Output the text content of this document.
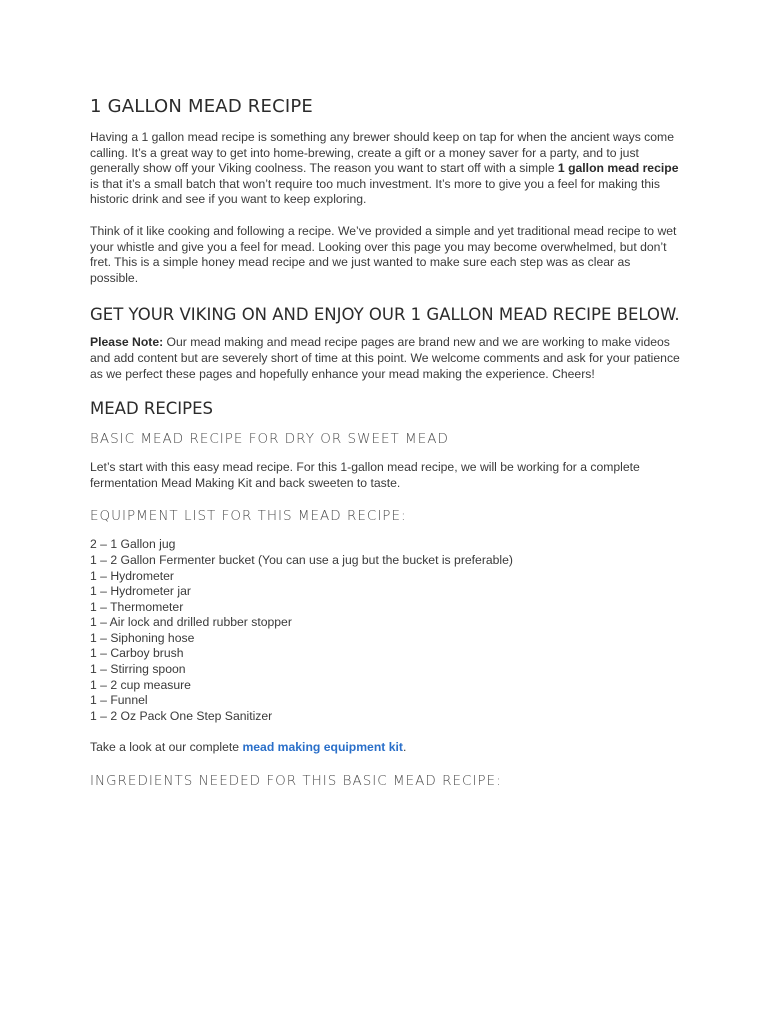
1 GALLON MEAD RECIPE

Having a 1 gallon mead recipe is something any brewer should keep on tap for when the ancient ways come calling. It’s a great way to get into home-brewing, create a gift or a money saver for a party, and to just generally show off your Viking coolness. The reason you want to start off with a simple 1 gallon mead recipe is that it’s a small batch that won’t require too much investment. It’s more to give you a feel for making this historic drink and see if you want to keep exploring.

Think of it like cooking and following a recipe. We’ve provided a simple and yet traditional mead recipe to wet your whistle and give you a feel for mead. Looking over this page you may become overwhelmed, but don’t fret. This is a simple honey mead recipe and we just wanted to make sure each step was as clear as possible.

GET YOUR VIKING ON AND ENJOY OUR 1 GALLON MEAD RECIPE BELOW.

Please Note: Our mead making and mead recipe pages are brand new and we are working to make videos and add content but are severely short of time at this point. We welcome comments and ask for your patience as we perfect these pages and hopefully enhance your mead making the experience. Cheers!

MEAD RECIPES
BASIC MEAD RECIPE FOR DRY OR SWEET MEAD

Let’s start with this easy mead recipe. For this 1-gallon mead recipe, we will be working for a complete fermentation Mead Making Kit and back sweeten to taste.

EQUIPMENT LIST FOR THIS MEAD RECIPE:
2 – 1 Gallon jug
1 – 2 Gallon Fermenter bucket (You can use a jug but the bucket is preferable)
1 – Hydrometer
1 – Hydrometer jar
1 – Thermometer
1 – Air lock and drilled rubber stopper
1 – Siphoning hose
1 – Carboy brush
1 – Stirring spoon
1 – 2 cup measure
1 – Funnel
1 – 2 Oz Pack One Step Sanitizer

Take a look at our complete mead making equipment kit.

INGREDIENTS NEEDED FOR THIS BASIC MEAD RECIPE:
